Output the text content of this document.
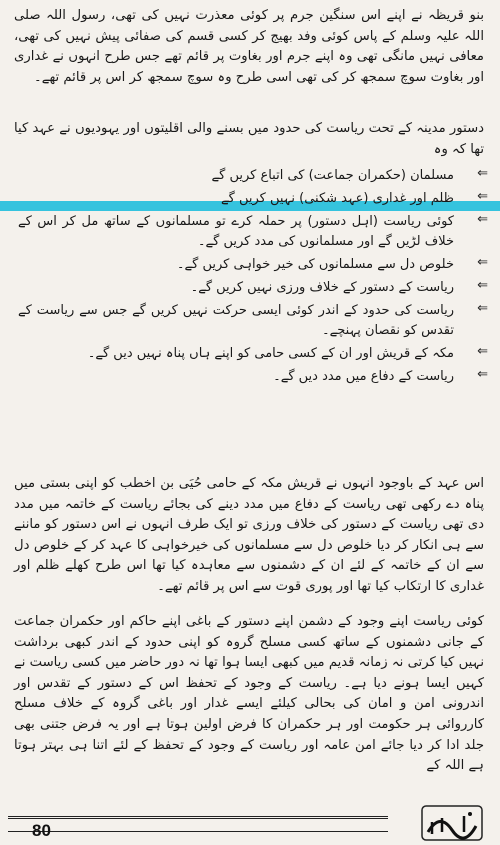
بنو قریظہ نے اپنے اس سنگین جرم پر کوئی معذرت نہیں کی تھی، رسول اللہ صلی اللہ علیہ وسلم کے پاس کوئی وفد بھیج کر کسی قسم کی صفائی پیش نہیں کی تھی، معافی نہیں مانگی تھی وہ اپنے جرم اور بغاوت پر قائم تھے جس طرح انہوں نے غداری اور بغاوت سوچ سمجھ کر کی تھی اسی طرح وہ سوچ سمجھ کر اس پر قائم تھے۔
دستور مدینہ کے تحت ریاست کی حدود میں بسنے والی اقلیتوں اور یہودیوں نے عہد کیا تھا کہ وہ
⇐
مسلمان (حکمران جماعت) کی اتباع کریں گے
⇐
ظلم اور غداری (عہد شکنی) نہیں کریں گے
⇐
کوئی ریاست (اہل دستور) پر حملہ کرے تو مسلمانوں کے ساتھ مل کر اس کے خلاف لڑیں گے اور مسلمانوں کی مدد کریں گے۔
⇐
خلوص دل سے مسلمانوں کی خیر خواہی کریں گے۔
⇐
ریاست کے دستور کے خلاف ورزی نہیں کریں گے۔
⇐
ریاست کی حدود کے اندر کوئی ایسی حرکت نہیں کریں گے جس سے ریاست کے تقدس کو نقصان پہنچے۔
⇐
مکہ کے قریش اور ان کے کسی حامی کو اپنے ہاں پناہ نہیں دیں گے۔
⇐
ریاست کے دفاع میں مدد دیں گے۔
اس عہد کے باوجود انہوں نے قریش مکہ کے حامی حُیَی بن اخطب کو اپنی بستی میں پناہ دے رکھی تھی ریاست کے دفاع میں مدد دینے کی بجائے ریاست کے خاتمہ میں مدد دی تھی ریاست کے دستور کی خلاف ورزی تو ایک طرف انہوں نے اس دستور کو ماننے سے ہی انکار کر دیا خلوص دل سے مسلمانوں کی خیرخواہی کا عہد کر کے خلوص دل سے ان کے خاتمہ کے لئے ان کے دشمنوں سے معاہدہ کیا تھا اس طرح کھلے ظلم اور غداری کا ارتکاب کیا تھا اور پوری قوت سے اس پر قائم تھے۔
کوئی ریاست اپنے وجود کے دشمن اپنے دستور کے باغی اپنے حاکم اور حکمران جماعت کے جانی دشمنوں کے ساتھ کسی مسلح گروہ کو اپنی حدود کے اندر کبھی برداشت نہیں کیا کرتی نہ زمانہ قدیم میں کبھی ایسا ہوا تھا نہ دور حاضر میں کسی ریاست نے کہیں ایسا ہونے دیا ہے۔ ریاست کے وجود کے تحفظ اس کے دستور کے تقدس اور اندرونی امن و امان کی بحالی کیلئے ایسے غدار اور باغی گروہ کے خلاف مسلح کارروائی ہر حکومت اور ہر حکمران کا فرض اولین ہوتا ہے اور یہ فرض جتنی بھی جلد ادا کر دیا جائے امن عامہ اور ریاست کے وجود کے تحفظ کے لئے اتنا ہی بہتر ہوتا ہے اللہ کے
80
